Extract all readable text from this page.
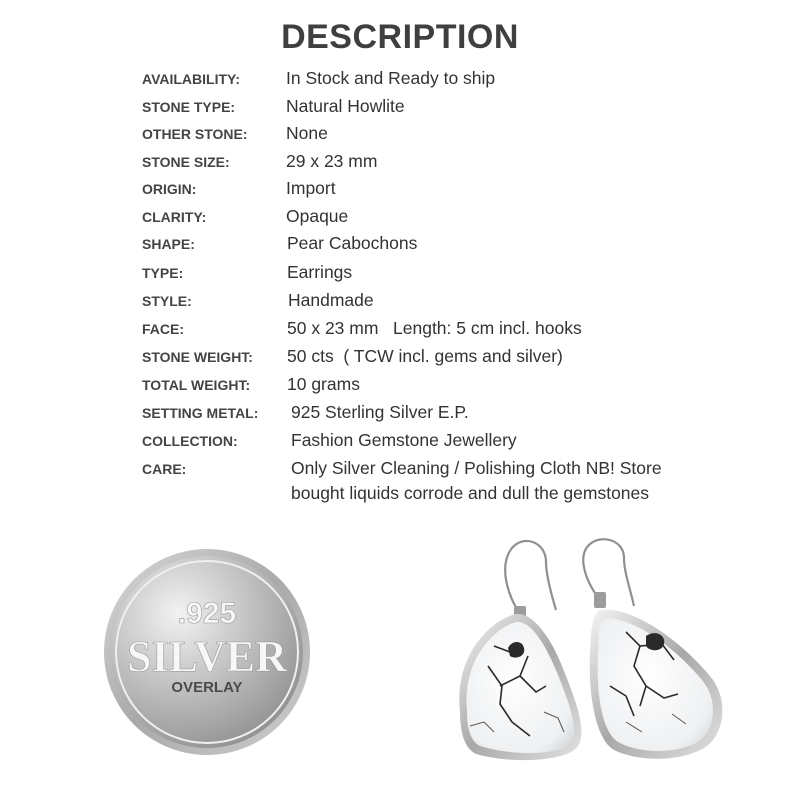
DESCRIPTION
AVAILABILITY:	In Stock and Ready to ship
STONE TYPE:	Natural Howlite
OTHER STONE: None
STONE SIZE:	29 x 23 mm
ORIGIN:	Import
CLARITY:	Opaque
SHAPE:	Pear Cabochons
TYPE:	Earrings
STYLE:	Handmade
FACE:	50 x 23 mm   Length: 5 cm incl. hooks
STONE WEIGHT: 50 cts  ( TCW incl. gems and silver)
TOTAL WEIGHT: 10 grams
SETTING METAL: 925 Sterling Silver E.P.
COLLECTION:	Fashion Gemstone Jewellery
CARE:	Only Silver Cleaning / Polishing Cloth NB! Store bought liquids corrode and dull the gemstones
.925
SILVER
OVERLAY
